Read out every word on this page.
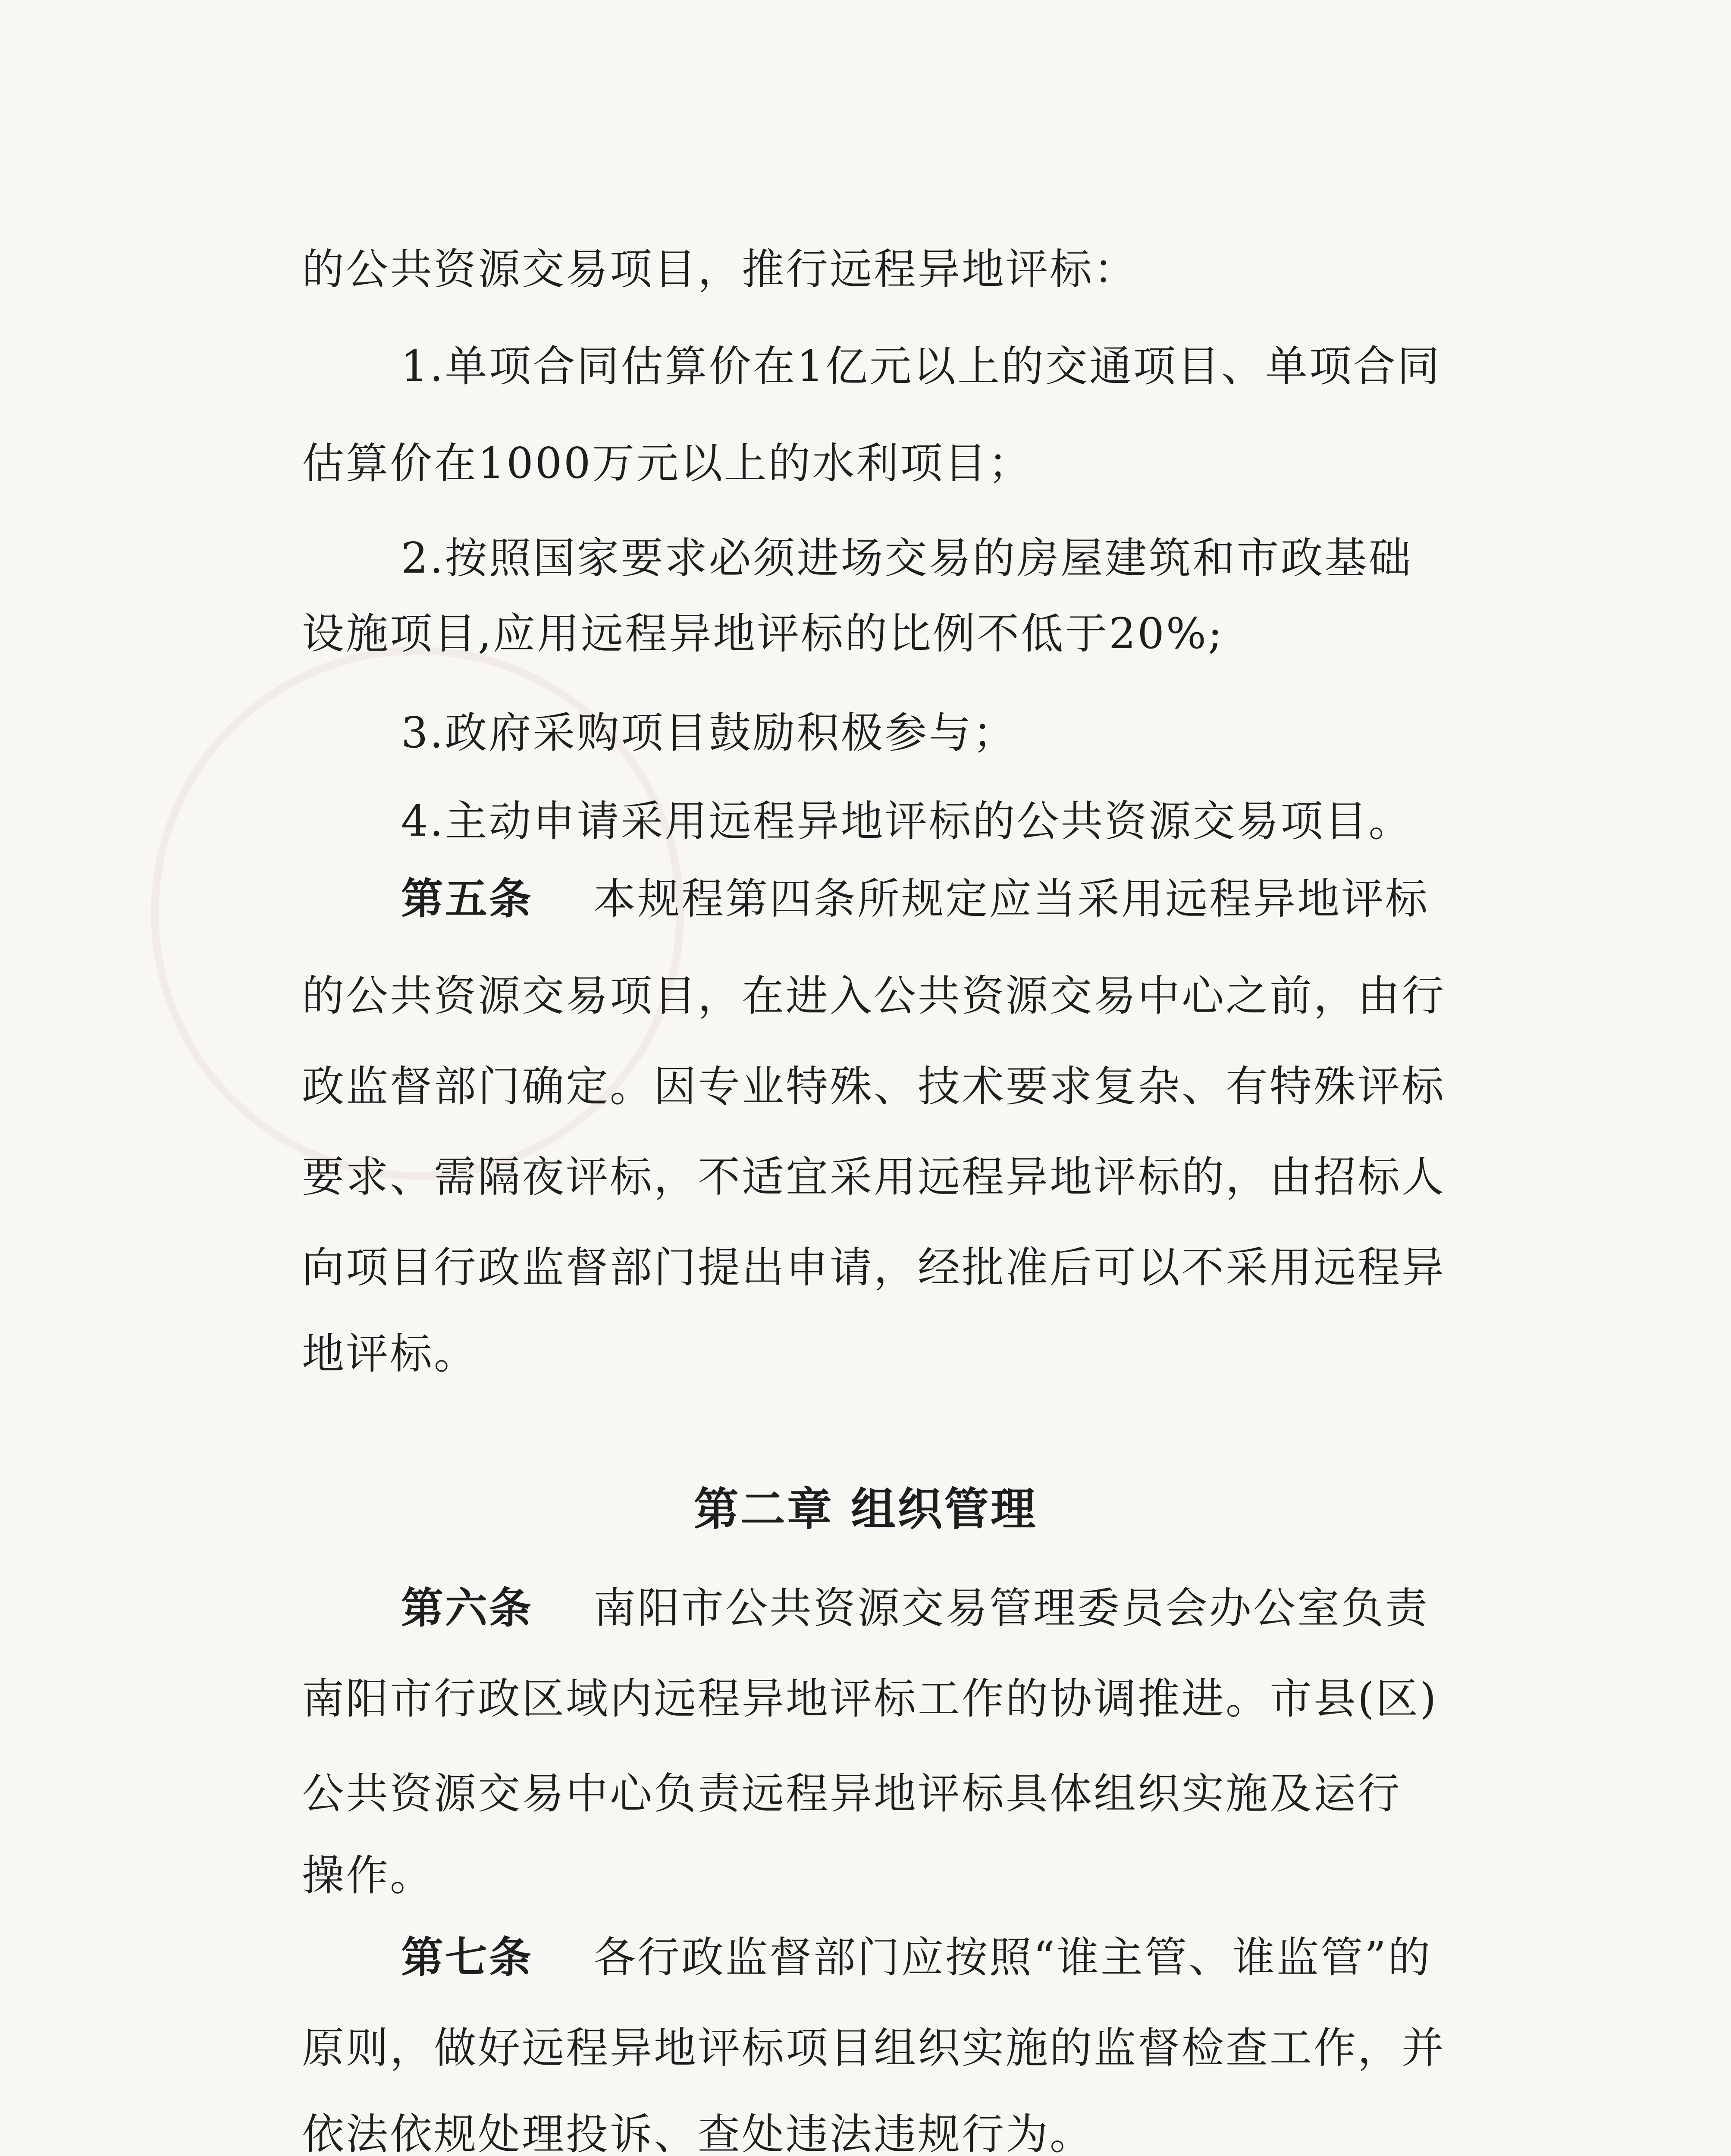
的公共资源交易项目，推行远程异地评标：
1.单项合同估算价在1亿元以上的交通项目、单项合同
估算价在1000万元以上的水利项目；
2.按照国家要求必须进场交易的房屋建筑和市政基础
设施项目,应用远程异地评标的比例不低于20%;
3.政府采购项目鼓励积极参与；
4.主动申请采用远程异地评标的公共资源交易项目。
第五条 本规程第四条所规定应当采用远程异地评标
的公共资源交易项目，在进入公共资源交易中心之前，由行
政监督部门确定。因专业特殊、技术要求复杂、有特殊评标
要求、需隔夜评标，不适宜采用远程异地评标的，由招标人
向项目行政监督部门提出申请，经批准后可以不采用远程异
地评标。
第二章 组织管理
第六条 南阳市公共资源交易管理委员会办公室负责
南阳市行政区域内远程异地评标工作的协调推进。市县(区)
公共资源交易中心负责远程异地评标具体组织实施及运行
操作。
第七条 各行政监督部门应按照“谁主管、谁监管”的
原则，做好远程异地评标项目组织实施的监督检查工作，并
依法依规处理投诉、查处违法违规行为。
